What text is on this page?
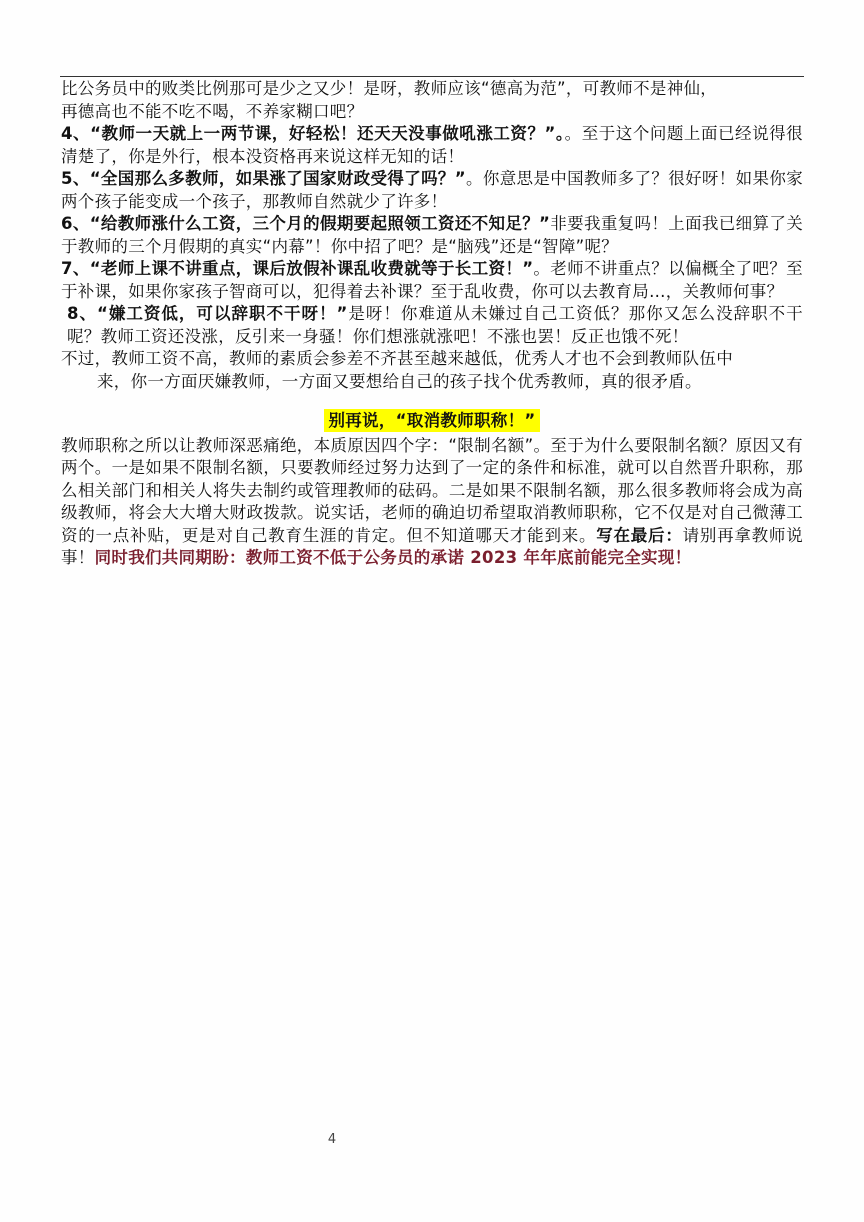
比公务员中的败类比例那可是少之又少！是呀，教师应该“德高为范”，可教师不是神仙，
再德高也不能不吃不喝，不养家糊口吧？

4、“教师一天就上一两节课，好轻松！还天天没事做吼涨工资？”。。至于这个问题上面已经说得很清楚了，你是外行，根本没资格再来说这样无知的话！

5、“全国那么多教师，如果涨了国家财政受得了吗？”。你意思是中国教师多了？很好呀！如果你家两个孩子能变成一个孩子，那教师自然就少了许多！

6、“给教师涨什么工资，三个月的假期要起照领工资还不知足？”非要我重复吗！上面我已细算了关于教师的三个月假期的真实“内幕”！你中招了吧？是“脑残”还是“智障”呢？

7、“老师上课不讲重点，课后放假补课乱收费就等于长工资！”。老师不讲重点？以偏概全了吧？至于补课，如果你家孩子智商可以，犯得着去补课？至于乱收费，你可以去教育局…，关教师何事？

8、“嫌工资低，可以辞职不干呀！”是呀！你难道从未嫌过自己工资低？那你又怎么没辞职不干呢？教师工资还没涨，反引来一身骚！你们想涨就涨吧！不涨也罢！反正也饿不死！

不过，教师工资不高，教师的素质会参差不齐甚至越来越低，优秀人才也不会到教师队伍中
来，你一方面厌嫌教师，一方面又要想给自己的孩子找个优秀教师，真的很矛盾。

别再说，“取消教师职称！”

教师职称之所以让教师深恶痛绝，本质原因四个字：“限制名额”。至于为什么要限制名额？原因又有两个。一是如果不限制名额，只要教师经过努力达到了一定的条件和标准，就可以自然晋升职称，那么相关部门和相关人将失去制约或管理教师的砝码。二是如果不限制名额，那么很多教师将会成为高级教师，将会大大增大财政拨款。说实话，老师的确迫切希望取消教师职称，它不仅是对自己微薄工资的一点补贴，更是对自己教育生涯的肯定。但不知道哪天才能到来。写在最后：请别再拿教师说事！同时我们共同期盼：教师工资不低于公务员的承诺 2023 年年底前能完全实现！

4
